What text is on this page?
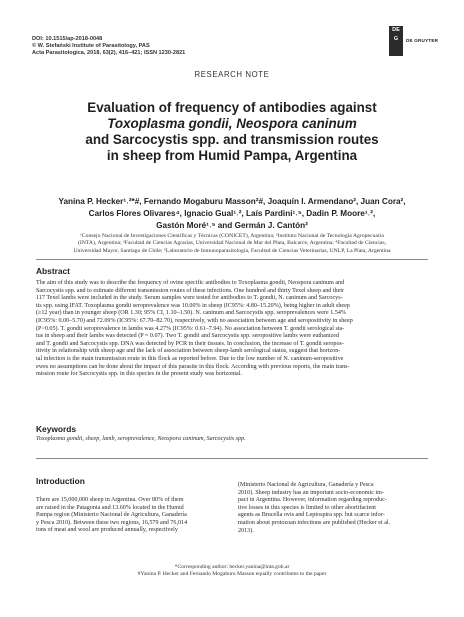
DOI: 10.1515/ap-2018-0048
© W. Stefański Institute of Parasitology, PAS
Acta Parasitologica, 2018, 63(2), 416–421; ISSN 1230-2821
DE
G	DE GRUYTER
RESEARCH NOTE
Evaluation of frequency of antibodies against
Toxoplasma gondii, Neospora caninum
and Sarcocystis spp. and transmission routes
in sheep from Humid Pampa, Argentina
Yanina P. Hecker¹˒²*#, Fernando Mogaburu Masson²#, Joaquín I. Armendano², Juan Cora²,
Carlos Flores Olivares⁴, Ignacio Gual¹˒², Laís Pardini¹˒⁵, Dadin P. Moore¹˒²,
Gastón Moré¹˒⁵ and Germán J. Cantón²
¹Consejo Nacional de Investigaciones Científicas y Técnicas (CONICET), Argentina; ²Instituto Nacional de Tecnología Agropecuaria
(INTA), Argentina; ³Facultad de Ciencias Agrarias, Universidad Nacional de Mar del Plata, Balcarce, Argentina; ⁴Facultad de Ciencias,
Universidad Mayor, Santiago de Chile; ⁵Laboratorio de Inmunoparasitología, Facultad de Ciencias Veterinarias, UNLP, La Plata, Argentina
Abstract
The aim of this study was to describe the frequency of ovine specific antibodies to Toxoplasma gondii, Neospora caninum and
Sarcocystis spp. and to estimate different transmission routes of these infections. One hundred and thirty Texel sheep and their
117 Texel lambs were included in the study. Serum samples were tested for antibodies to T. gondii, N. caninum and Sarcocys-
tis spp. using IFAT. Toxoplasma gondii seroprevalence was 10.00% in sheep (IC95%: 4.80–15.20%), being higher in adult sheep
(≥12 year) than in younger sheep (OR 1.30; 95% CI, 1.10–1.50). N. caninum and Sarcocystis spp. seroprevalences were 1.54%
(IC95%: 0.00–5.70) and 72.09% (IC95%: 67.70–82.70), respectively, with no association between age and seropositivity in sheep
(P>0.05). T. gondii seroprevalence in lambs was 4.27% (IC95%: 0.61–7.94). No association between T. gondii serological sta-
tus in sheep and their lambs was detected (P = 0.07). Two T. gondii and Sarcocystis spp. seropositive lambs were euthanized
and T. gondii and Sarcocystis spp. DNA was detected by PCR in their tissues. In conclusion, the increase of T. gondii seropos-
itivity in relationship with sheep age and the lack of association between sheep-lamb serological status, suggest that horizon-
tal infection is the main transmission route in this flock as reported before. Due to the low number of N. caninum-seropositive
ewes no assumptions can be done about the impact of this parasite in this flock. According with previous reports, the main trans-
mission route for Sarcocystis spp. in this species in the present study was horizontal.
Keywords
Toxoplasma gondii, sheep, lamb, seroprevalence, Neospora caninum, Sarcocystis spp.
Introduction
There are 15,000,000 sheep in Argentina. Over 80% of them
are raised in the Patagonia and 13.60% located in the Humid
Pampa region (Ministerio Nacional de Agricultura, Ganadería
y Pesca 2010). Between these two regions, 16,579 and 76,014
tons of meat and wool are produced annually, respectively
(Ministerio Nacional de Agricultura, Ganadería y Pesca
2010). Sheep industry has an important socio-economic im-
pact in Argentina. However, information regarding reproduc-
tive losses in this species is limited to other abortifacient
agents as Brucella ovis and Leptospira spp. but scarce infor-
mation about protozoan infections are published (Hecker et al.
2013).
*Corresponding author: hecker.yanina@inta.gob.ar
#Yanina P. Hecker and Fernando Mogaburu Masson equally contributes to the paper
